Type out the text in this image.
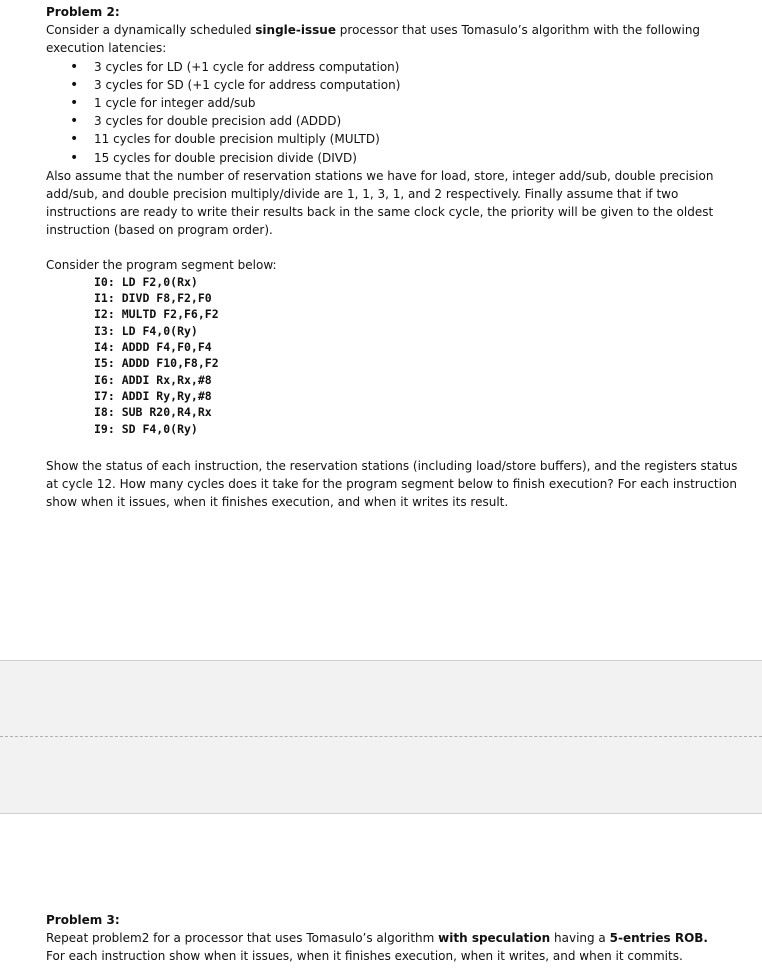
Problem 2:
Consider a dynamically scheduled single-issue processor that uses Tomasulo’s algorithm with the following execution latencies:
• 3 cycles for LD (+1 cycle for address computation)
• 3 cycles for SD (+1 cycle for address computation)
• 1 cycle for integer add/sub
• 3 cycles for double precision add (ADDD)
• 11 cycles for double precision multiply (MULTD)
• 15 cycles for double precision divide (DIVD)
Also assume that the number of reservation stations we have for load, store, integer add/sub, double precision add/sub, and double precision multiply/divide are 1, 1, 3, 1, and 2 respectively. Finally assume that if two instructions are ready to write their results back in the same clock cycle, the priority will be given to the oldest instruction (based on program order).
Consider the program segment below:
I0: LD F2,0(Rx)
I1: DIVD F8,F2,F0
I2: MULTD F2,F6,F2
I3: LD F4,0(Ry)
I4: ADDD F4,F0,F4
I5: ADDD F10,F8,F2
I6: ADDI Rx,Rx,#8
I7: ADDI Ry,Ry,#8
I8: SUB R20,R4,Rx
I9: SD F4,0(Ry)
Show the status of each instruction, the reservation stations (including load/store buffers), and the registers status at cycle 12. How many cycles does it take for the program segment below to finish execution? For each instruction show when it issues, when it finishes execution, and when it writes its result.
Problem 3:
Repeat problem2 for a processor that uses Tomasulo’s algorithm with speculation having a 5-entries ROB.
For each instruction show when it issues, when it finishes execution, when it writes, and when it commits.
